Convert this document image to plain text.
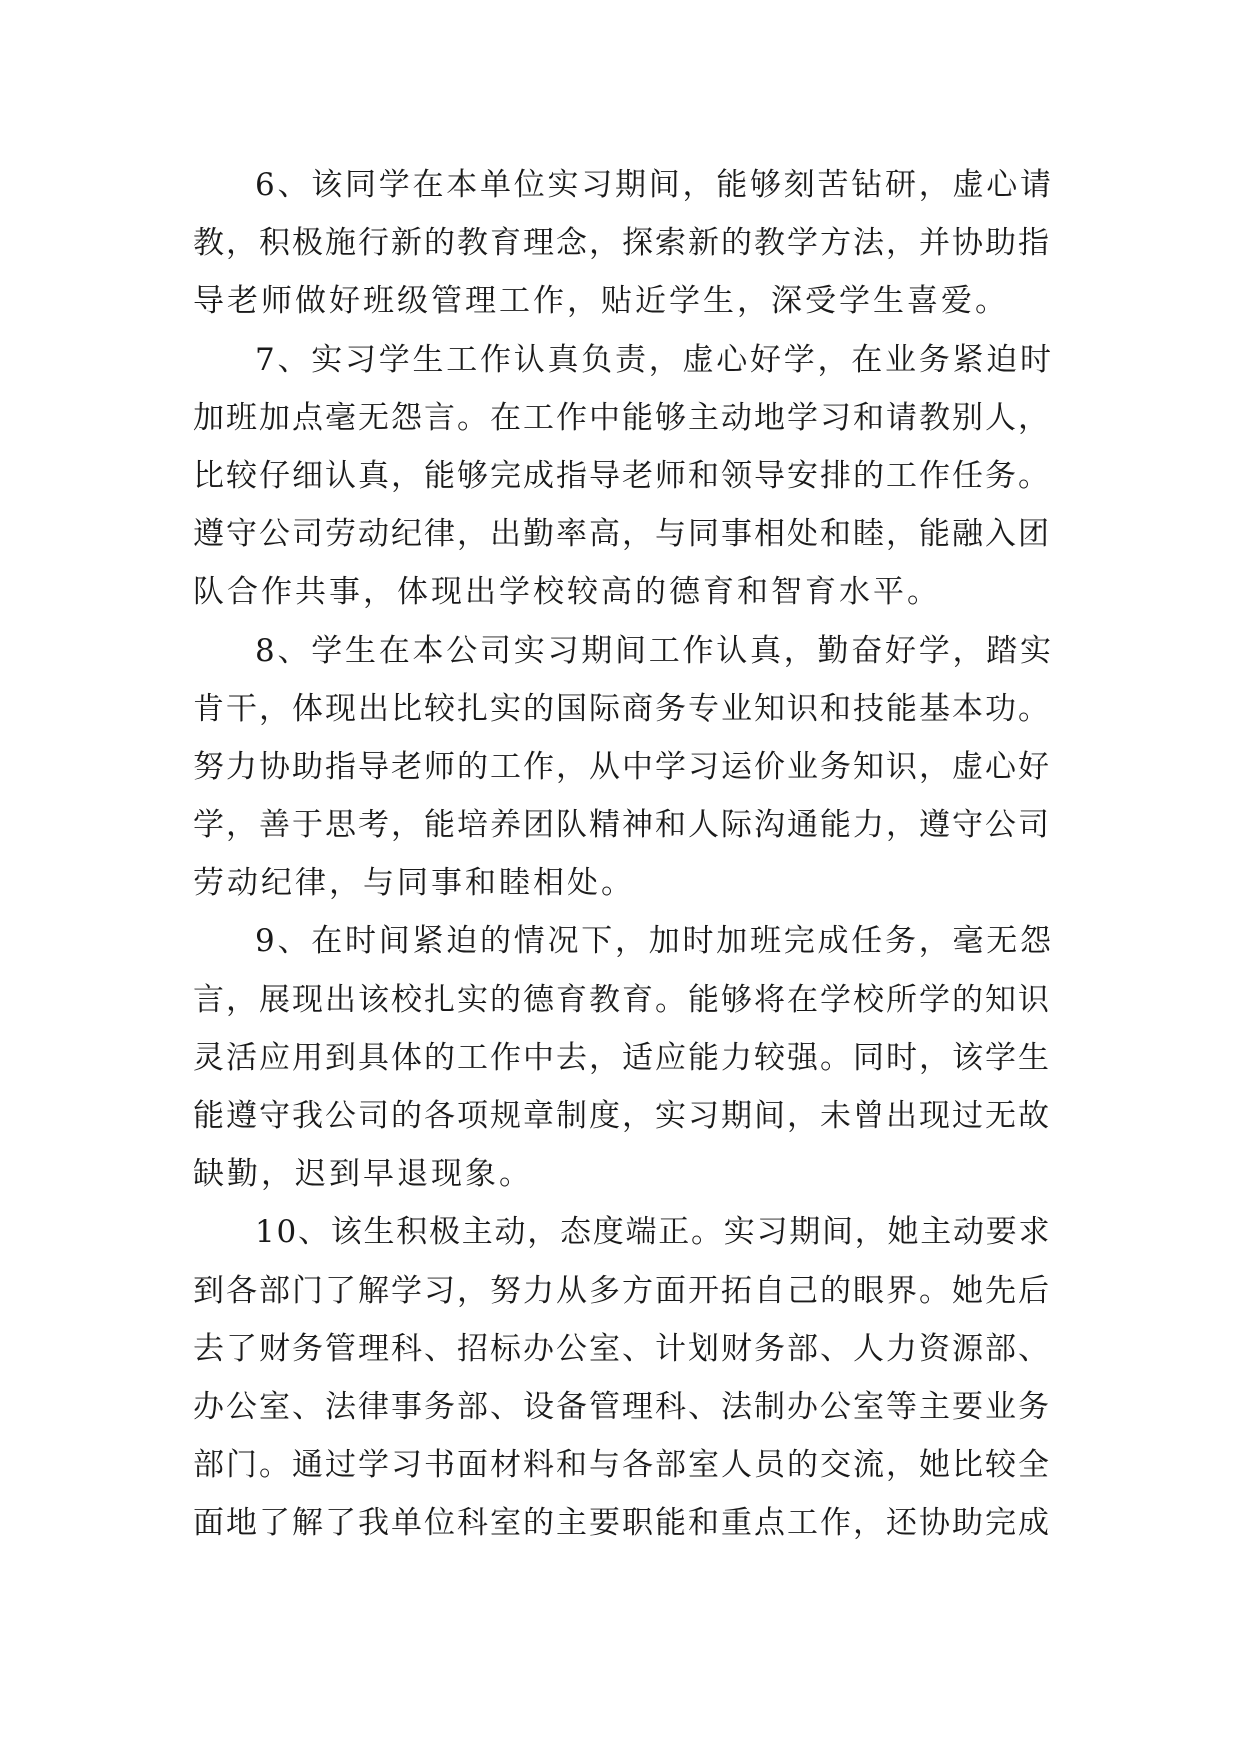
6、该同学在本单位实习期间，能够刻苦钻研，虚心请
教，积极施行新的教育理念，探索新的教学方法，并协助指
导老师做好班级管理工作，贴近学生，深受学生喜爱。
7、实习学生工作认真负责，虚心好学，在业务紧迫时
加班加点毫无怨言。在工作中能够主动地学习和请教别人，
比较仔细认真，能够完成指导老师和领导安排的工作任务。
遵守公司劳动纪律，出勤率高，与同事相处和睦，能融入团
队合作共事，体现出学校较高的德育和智育水平。
8、学生在本公司实习期间工作认真，勤奋好学，踏实
肯干，体现出比较扎实的国际商务专业知识和技能基本功。
努力协助指导老师的工作，从中学习运价业务知识，虚心好
学，善于思考，能培养团队精神和人际沟通能力，遵守公司
劳动纪律，与同事和睦相处。
9、在时间紧迫的情况下，加时加班完成任务，毫无怨
言，展现出该校扎实的德育教育。能够将在学校所学的知识
灵活应用到具体的工作中去，适应能力较强。同时，该学生
能遵守我公司的各项规章制度，实习期间，未曾出现过无故
缺勤，迟到早退现象。
10、该生积极主动，态度端正。实习期间，她主动要求
到各部门了解学习，努力从多方面开拓自己的眼界。她先后
去了财务管理科、招标办公室、计划财务部、人力资源部、
办公室、法律事务部、设备管理科、法制办公室等主要业务
部门。通过学习书面材料和与各部室人员的交流，她比较全
面地了解了我单位科室的主要职能和重点工作，还协助完成
